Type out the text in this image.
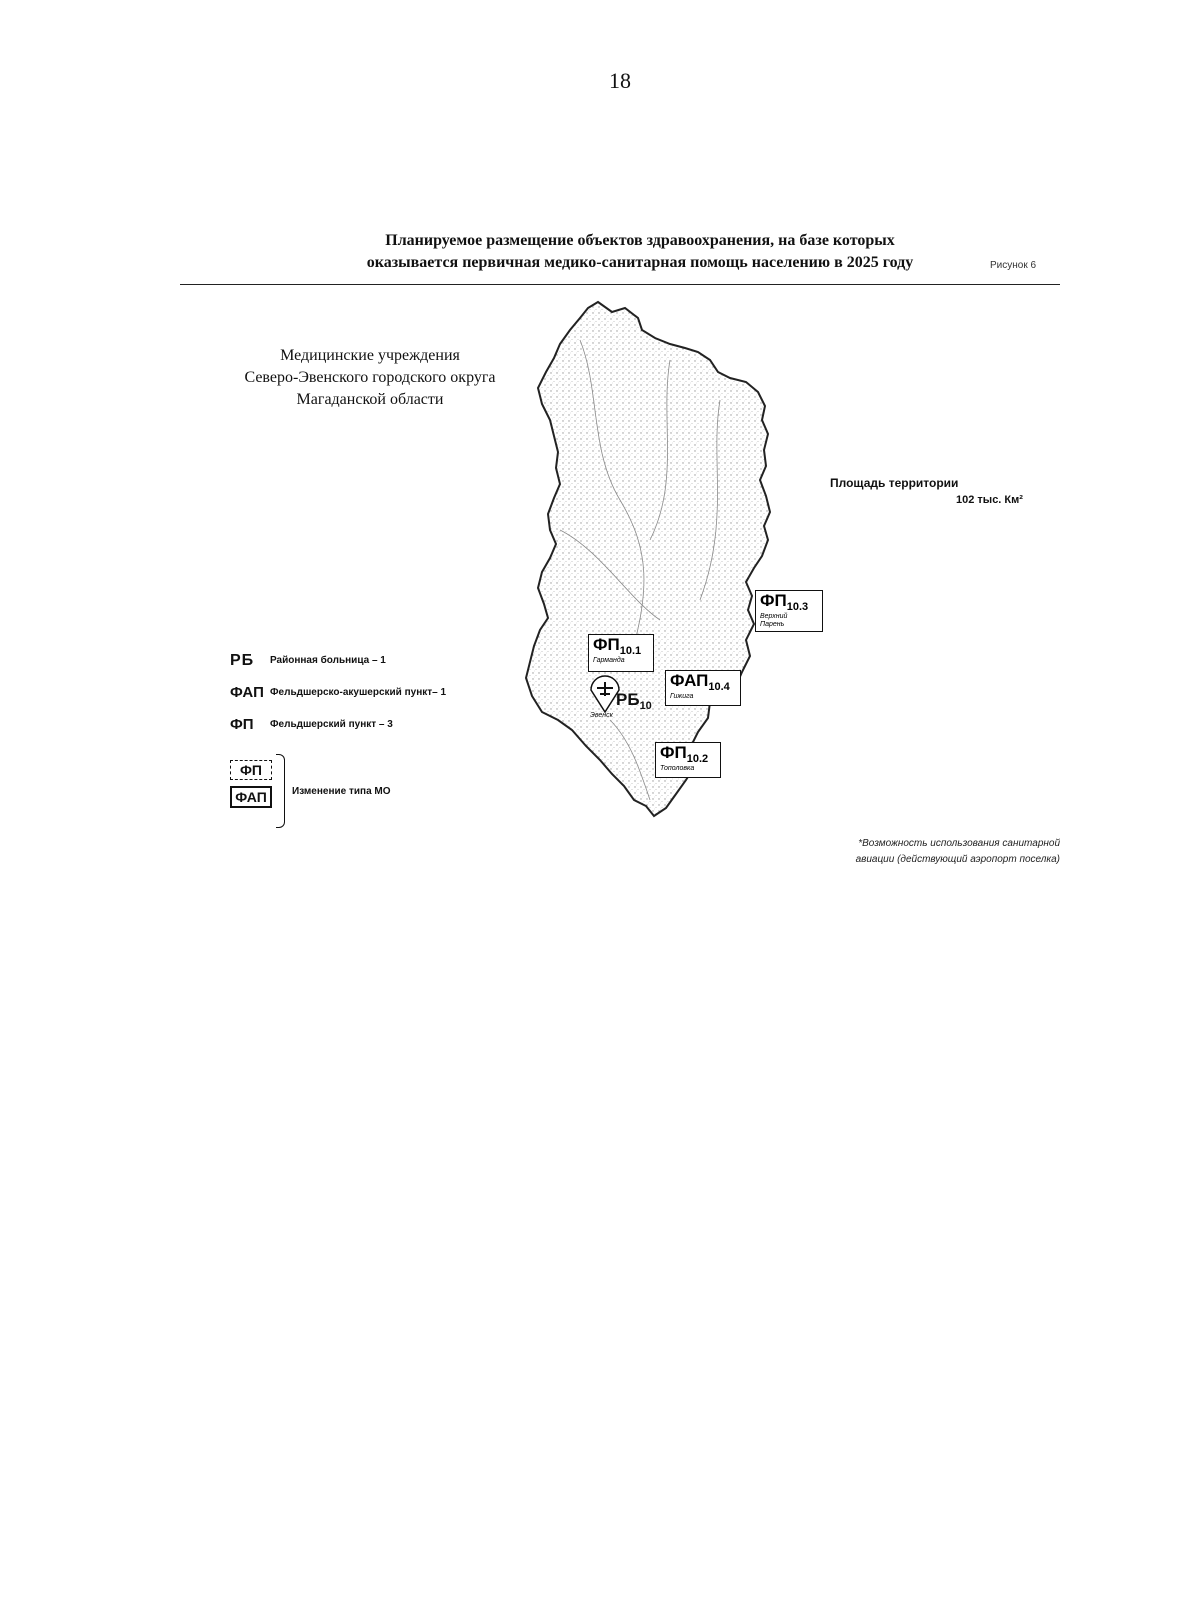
18
Планируемое размещение объектов здравоохранения, на базе которых
оказывается первичная медико-санитарная помощь населению в 2025 году	Рисунок 6
Медицинские учреждения
Северо-Эвенского городского округа
Магаданской области
Площадь территории
102 тыс. Км²
$ФП_{10.3}$
Верхний
Парень
$ФП_{10.1}$
Гарманда
$ФАП_{10.4}$
Гижига
$РБ_{10}$
Эвенск
$ФП_{10.2}$
Тополовка
РБ Районная больница – 1
ФАП Фельдшерско-акушерский пункт– 1
ФП Фельдшерский пункт – 3
ФП
ФАП	Изменение типа МО
*Возможность использования санитарной
авиации (действующий аэропорт поселка)
